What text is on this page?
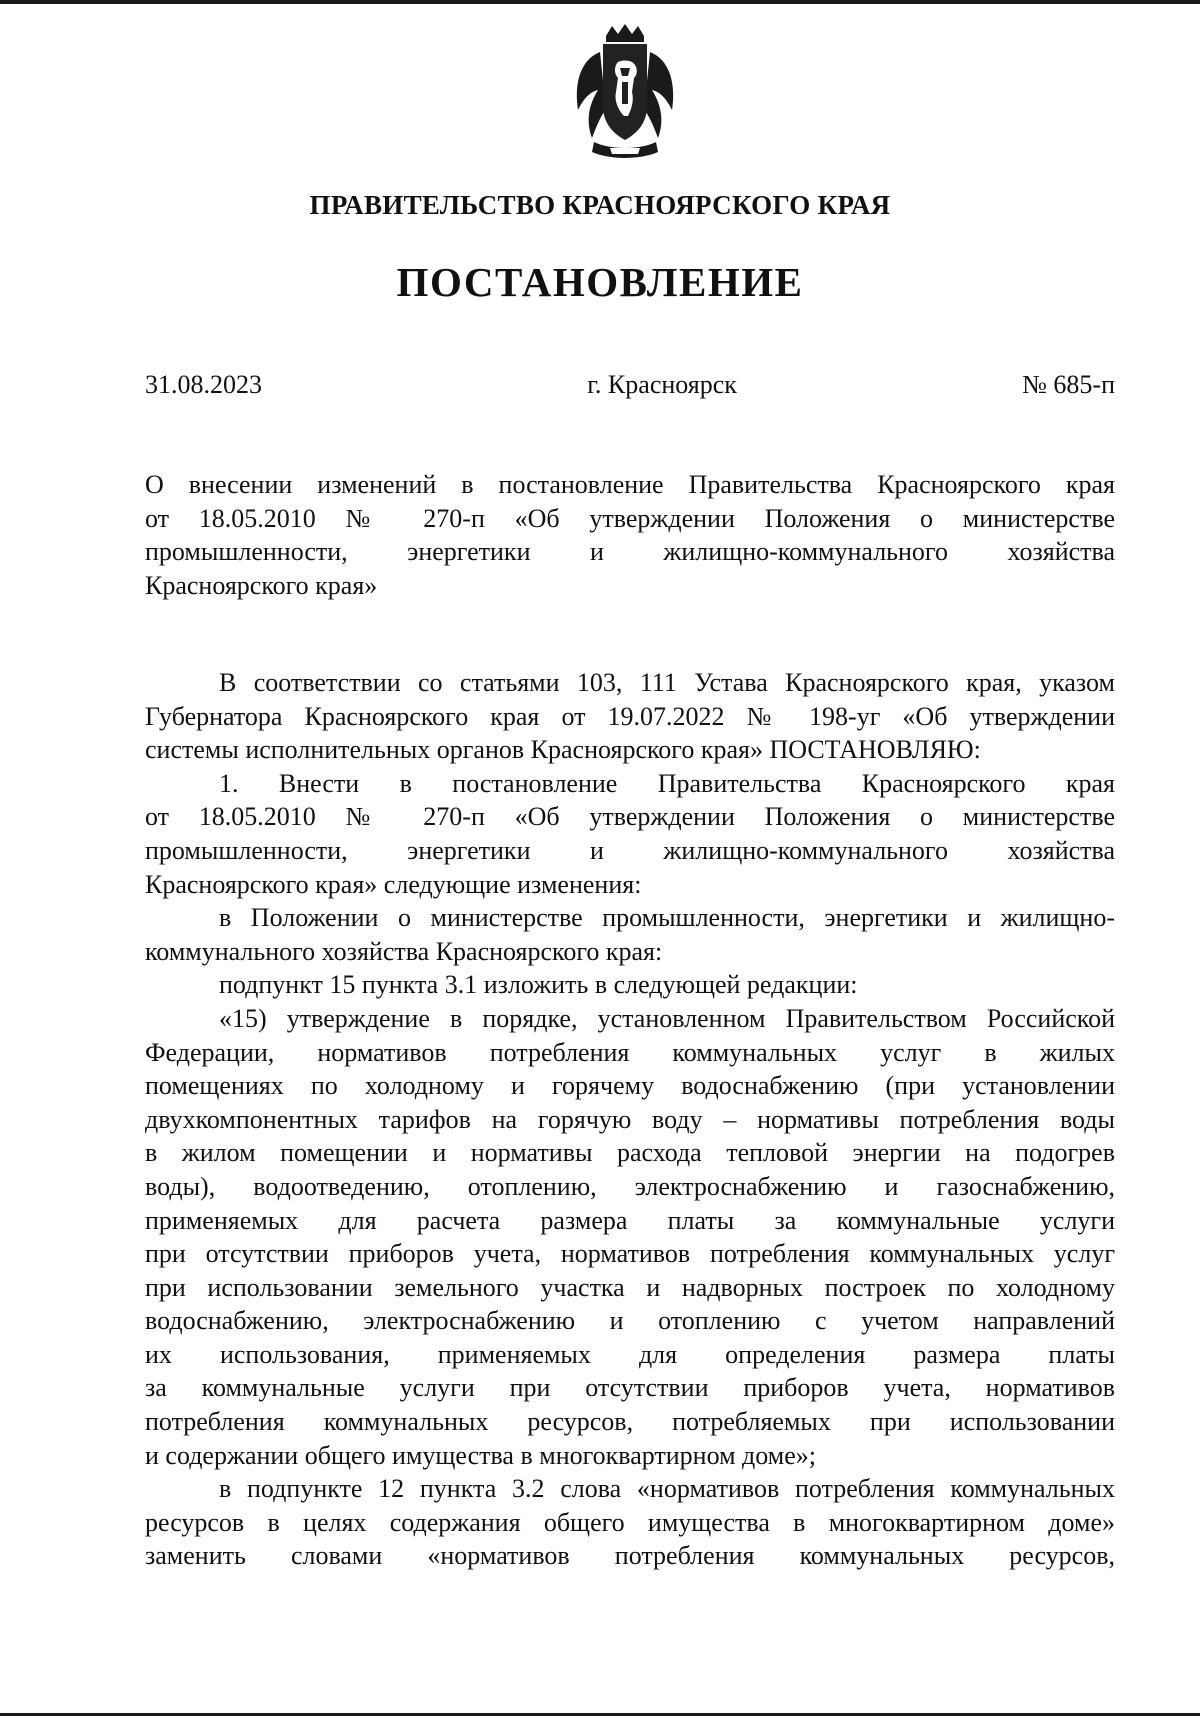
ПРАВИТЕЛЬСТВО КРАСНОЯРСКОГО КРАЯ
ПОСТАНОВЛЕНИЕ
31.08.2023	г. Красноярск	№ 685-п
О внесении изменений в постановление Правительства Красноярского края
от 18.05.2010 № 270-п «Об утверждении Положения о министерстве
промышленности, энергетики и жилищно-коммунального хозяйства
Красноярского края»
В соответствии со статьями 103, 111 Устава Красноярского края, указом
Губернатора Красноярского края от 19.07.2022 № 198-уг «Об утверждении
системы исполнительных органов Красноярского края» ПОСТАНОВЛЯЮ:
1. Внести в постановление Правительства Красноярского края
от 18.05.2010 № 270-п «Об утверждении Положения о министерстве
промышленности, энергетики и жилищно-коммунального хозяйства
Красноярского края» следующие изменения:
в Положении о министерстве промышленности, энергетики и жилищно-
коммунального хозяйства Красноярского края:
подпункт 15 пункта 3.1 изложить в следующей редакции:
«15) утверждение в порядке, установленном Правительством Российской
Федерации, нормативов потребления коммунальных услуг в жилых
помещениях по холодному и горячему водоснабжению (при установлении
двухкомпонентных тарифов на горячую воду – нормативы потребления воды
в жилом помещении и нормативы расхода тепловой энергии на подогрев
воды), водоотведению, отоплению, электроснабжению и газоснабжению,
применяемых для расчета размера платы за коммунальные услуги
при отсутствии приборов учета, нормативов потребления коммунальных услуг
при использовании земельного участка и надворных построек по холодному
водоснабжению, электроснабжению и отоплению с учетом направлений
их использования, применяемых для определения размера платы
за коммунальные услуги при отсутствии приборов учета, нормативов
потребления коммунальных ресурсов, потребляемых при использовании
и содержании общего имущества в многоквартирном доме»;
в подпункте 12 пункта 3.2 слова «нормативов потребления коммунальных
ресурсов в целях содержания общего имущества в многоквартирном доме»
заменить словами «нормативов потребления коммунальных ресурсов,
